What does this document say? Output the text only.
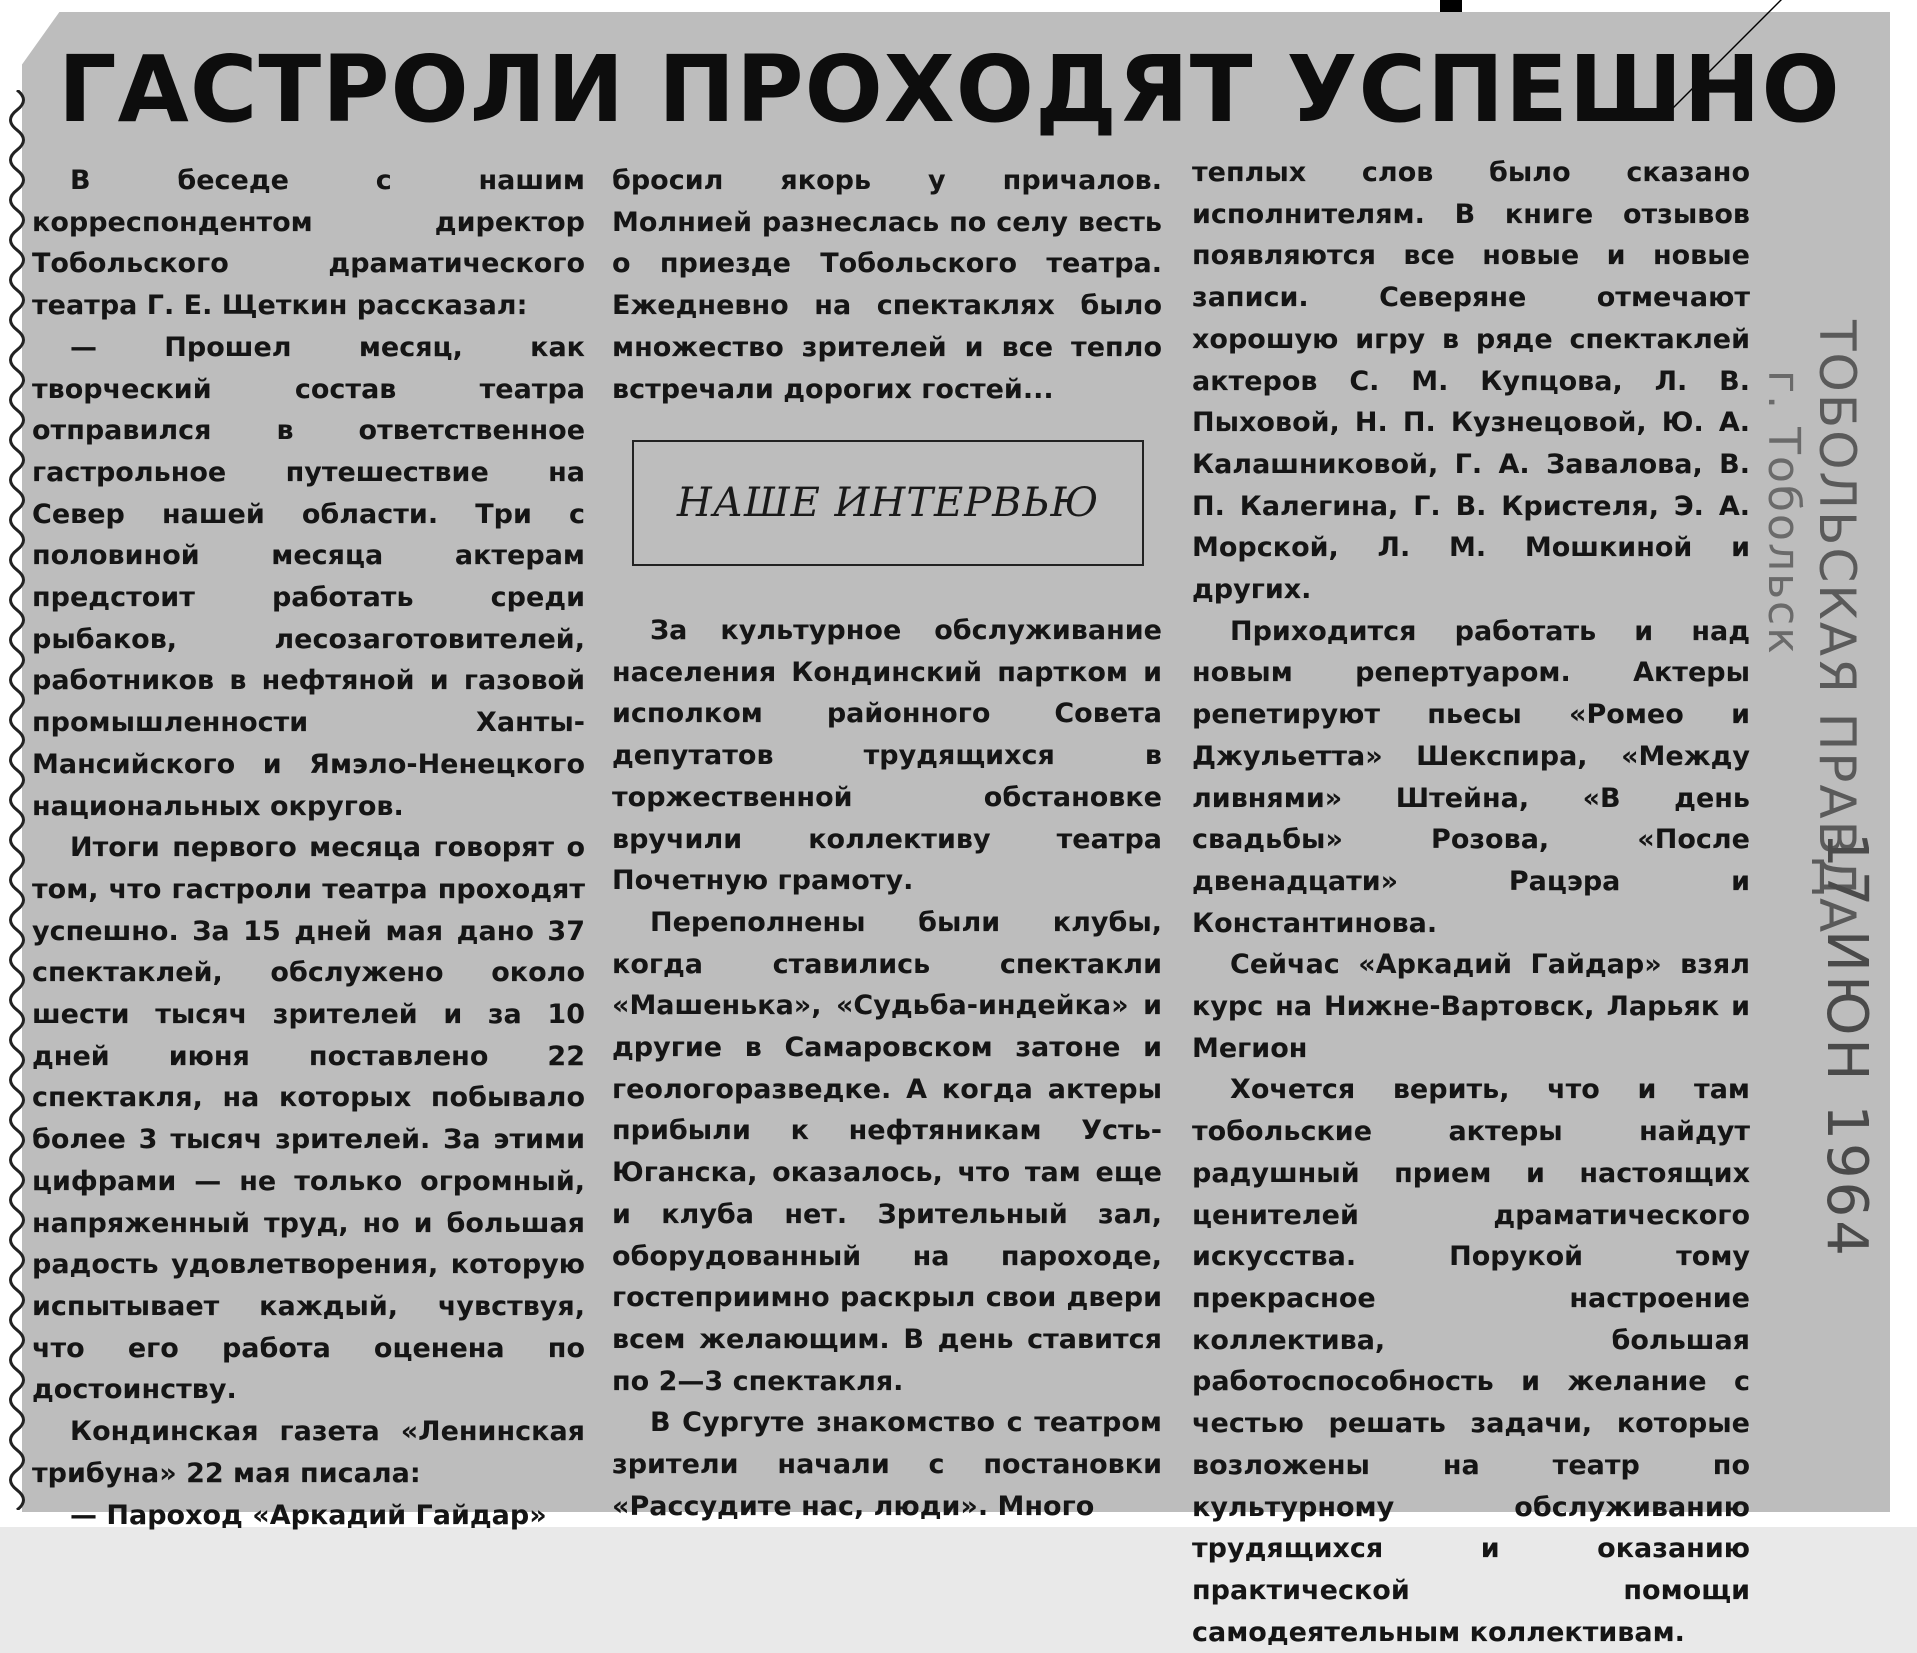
ГАСТРОЛИ ПРОХОДЯТ УСПЕШНО

В беседе с нашим корреспондентом директор Тобольского драматического театра Г. Е. Щеткин рассказал:

— Прошел месяц, как творческий состав театра отправился в ответственное гастрольное путешествие на Север нашей области. Три с половиной месяца актерам предстоит работать среди рыбаков, лесозаготовителей, работников в нефтяной и газовой промышленности Ханты-Мансийского и Ямэло-Ненецкого национальных округов.

Итоги первого месяца говорят о том, что гастроли театра проходят успешно. За 15 дней мая дано 37 спектаклей, обслужено около шести тысяч зрителей и за 10 дней июня поставлено 22 спектакля, на которых побывало более 3 тысяч зрителей. За этими цифрами — не только огромный, напряженный труд, но и большая радость удовлетворения, которую испытывает каждый, чувствуя, что его работа оценена по достоинству.

Кондинская газета «Ленинская трибуна» 22 мая писала:

— Пароход «Аркадий Гайдар»

бросил якорь у причалов. Молнией разнеслась по селу весть о приезде Тобольского театра. Ежедневно на спектаклях было множество зрителей и все тепло встречали дорогих гостей...

НАШЕ ИНТЕРВЬЮ

За культурное обслуживание населения Кондинский партком и исполком районного Совета депутатов трудящихся в торжественной обстановке вручили коллективу театра Почетную грамоту.

Переполнены были клубы, когда ставились спектакли «Машенька», «Судьба-индейка» и другие в Самаровском затоне и геологоразведке. А когда актеры прибыли к нефтяникам Усть-Юганска, оказалось, что там еще и клуба нет. Зрительный зал, оборудованный на пароходе, гостеприимно раскрыл свои двери всем желающим. В день ставится по 2—3 спектакля.

В Сургуте знакомство с театром зрители начали с постановки «Рассудите нас, люди». Много

теплых слов было сказано исполнителям. В книге отзывов появляются все новые и новые записи. Северяне отмечают хорошую игру в ряде спектаклей актеров С. М. Купцова, Л. В. Пыховой, Н. П. Кузнецовой, Ю. А. Калашниковой, Г. А. Завалова, В. П. Калегина, Г. В. Кристеля, Э. А. Морской, Л. М. Мошкиной и других.

Приходится работать и над новым репертуаром. Актеры репетируют пьесы «Ромео и Джульетта» Шекспира, «Между ливнями» Штейна, «В день свадьбы» Розова, «После двенадцати» Рацэра и Константинова.

Сейчас «Аркадий Гайдар» взял курс на Нижне-Вартовск, Ларьяк и Мегион

Хочется верить, что и там тобольские актеры найдут радушный прием и настоящих ценителей драматического искусства. Порукой тому прекрасное настроение коллектива, большая работоспособность и желание с честью решать задачи, которые возложены на театр по культурному обслуживанию трудящихся и оказанию практической помощи самодеятельным коллективам.

ТОБОЛЬСКАЯ ПРАВДА
г. Тобольск
17 ИЮН 1964
